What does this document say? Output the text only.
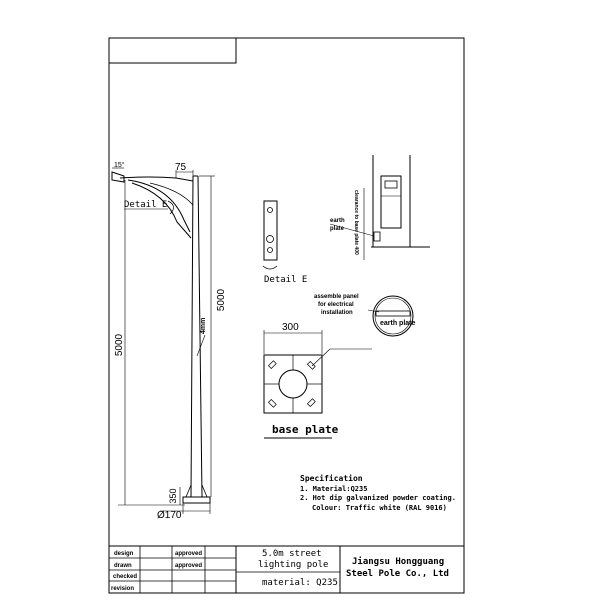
15°	75
Detail E
5000
5000
4mm
350
Ø170
Detail E
earth
plate clearance to base plate 400
assemble panel
for electrical
installation
earth plate
300
base plate
Specification
1. Material:Q235
2. Hot dip galvanized powder coating.
Colour: Traffic white (RAL 9016)
design
drawn
checked
revision
approved
approved
5.0m street
lighting pole
material: Q235
Jiangsu Hongguang
Steel Pole Co., Ltd
